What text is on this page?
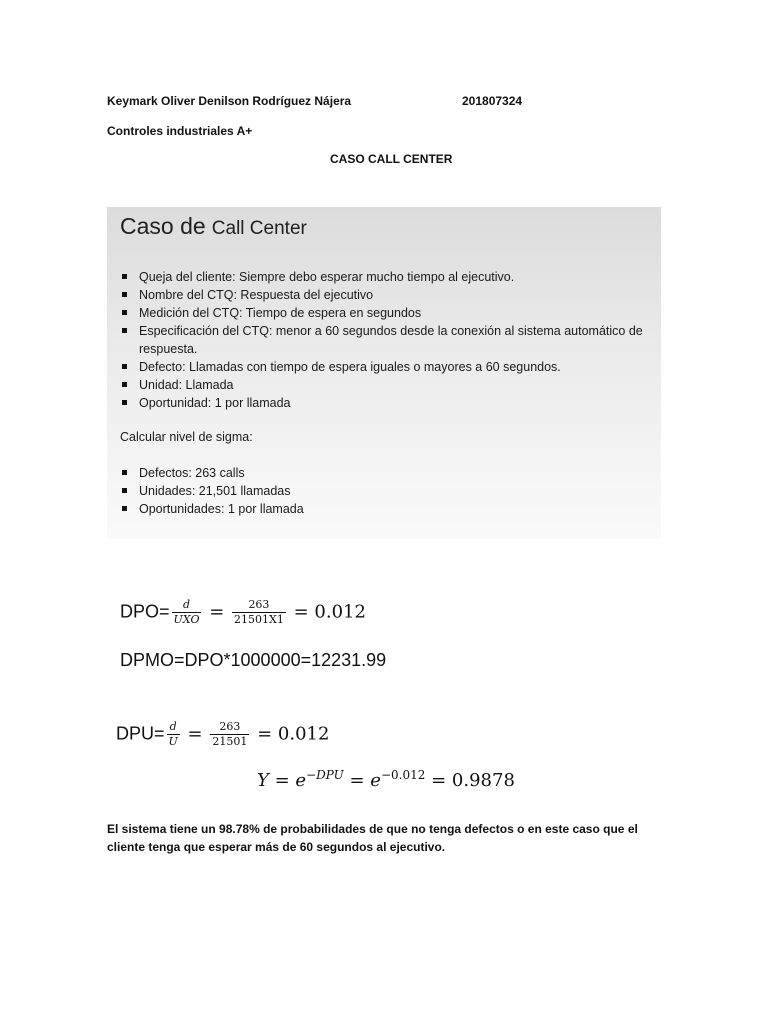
Keymark Oliver Denilson Rodríguez Nájera	201807324
Controles industriales A+
CASO CALL CENTER
Caso de Call Center
Queja del cliente: Siempre debo esperar mucho tiempo al ejecutivo.
Nombre del CTQ: Respuesta del ejecutivo
Medición del CTQ: Tiempo de espera en segundos
Especificación del CTQ: menor a 60 segundos desde la conexión al sistema automático de respuesta.
Defecto: Llamadas con tiempo de espera iguales o mayores a 60 segundos.
Unidad: Llamada
Oportunidad: 1 por llamada
Calcular nivel de sigma:
Defectos: 263 calls
Unidades: 21,501 llamadas
Oportunidades: 1 por llamada
$DPO= \frac{d}{\text{UXO}} = \frac{263}{21501X1} = 0.012$
DPMO=DPO*1000000=12231.99
$DPU= \frac{d}{U} = \frac{263}{21501} = 0.012$
$Y = e^{-DPU} = e^{-0.012} = 0.9878$
El sistema tiene un 98.78% de probabilidades de que no tenga defectos o en este caso que el cliente tenga que esperar más de 60 segundos al ejecutivo.
